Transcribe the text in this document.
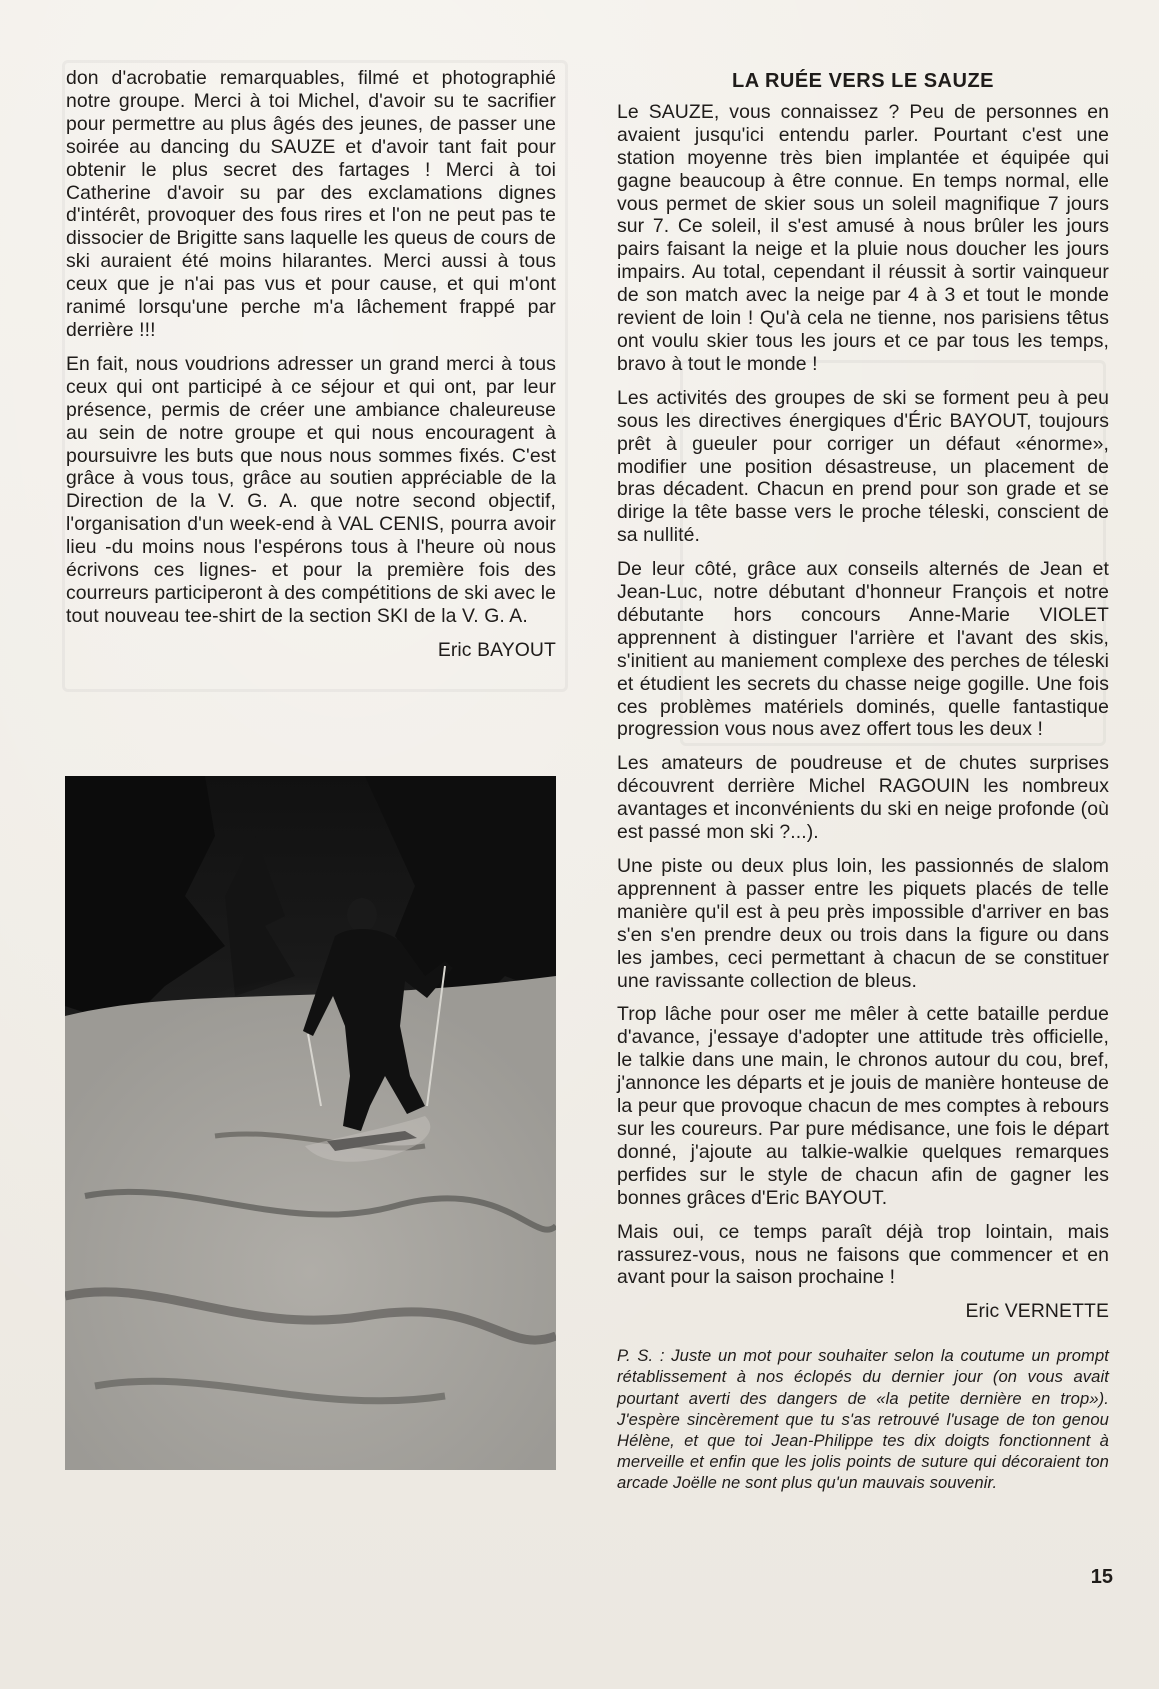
don d'acrobatie remarquables, filmé et photographié notre groupe. Merci à toi Michel, d'avoir su te sacrifier pour permettre au plus âgés des jeunes, de passer une soirée au dancing du SAUZE et d'avoir tant fait pour obtenir le plus secret des fartages ! Merci à toi Catherine d'avoir su par des exclamations dignes d'intérêt, provoquer des fous rires et l'on ne peut pas te dissocier de Brigitte sans laquelle les queus de cours de ski auraient été moins hilarantes. Merci aussi à tous ceux que je n'ai pas vus et pour cause, et qui m'ont ranimé lorsqu'une perche m'a lâchement frappé par derrière !!!

En fait, nous voudrions adresser un grand merci à tous ceux qui ont participé à ce séjour et qui ont, par leur présence, permis de créer une ambiance chaleureuse au sein de notre groupe et qui nous encouragent à poursuivre les buts que nous nous sommes fixés. C'est grâce à vous tous, grâce au soutien appréciable de la Direction de la V. G. A. que notre second objectif, l'organisation d'un week-end à VAL CENIS, pourra avoir lieu -du moins nous l'espérons tous à l'heure où nous écrivons ces lignes- et pour la première fois des courreurs participeront à des compétitions de ski avec le tout nouveau tee-shirt de la section SKI de la V. G. A.

Eric BAYOUT
LA RUÉE VERS LE SAUZE

Le SAUZE, vous connaissez ? Peu de personnes en avaient jusqu'ici entendu parler. Pourtant c'est une station moyenne très bien implantée et équipée qui gagne beaucoup à être connue. En temps normal, elle vous permet de skier sous un soleil magnifique 7 jours sur 7. Ce soleil, il s'est amusé à nous brûler les jours pairs faisant la neige et la pluie nous doucher les jours impairs. Au total, cependant il réussit à sortir vainqueur de son match avec la neige par 4 à 3 et tout le monde revient de loin ! Qu'à cela ne tienne, nos parisiens têtus ont voulu skier tous les jours et ce par tous les temps, bravo à tout le monde !

Les activités des groupes de ski se forment peu à peu sous les directives énergiques d'Éric BAYOUT, toujours prêt à gueuler pour corriger un défaut «énorme», modifier une position désastreuse, un placement de bras décadent. Chacun en prend pour son grade et se dirige la tête basse vers le proche téleski, conscient de sa nullité.

De leur côté, grâce aux conseils alternés de Jean et Jean-Luc, notre débutant d'honneur François et notre débutante hors concours Anne-Marie VIOLET apprennent à distinguer l'arrière et l'avant des skis, s'initient au maniement complexe des perches de téleski et étudient les secrets du chasse neige gogille. Une fois ces problèmes matériels dominés, quelle fantastique progression vous nous avez offert tous les deux !

Les amateurs de poudreuse et de chutes surprises découvrent derrière Michel RAGOUIN les nombreux avantages et inconvénients du ski en neige profonde (où est passé mon ski ?...).

Une piste ou deux plus loin, les passionnés de slalom apprennent à passer entre les piquets placés de telle manière qu'il est à peu près impossible d'arriver en bas s'en s'en prendre deux ou trois dans la figure ou dans les jambes, ceci permettant à chacun de se constituer une ravissante collection de bleus.

Trop lâche pour oser me mêler à cette bataille perdue d'avance, j'essaye d'adopter une attitude très officielle, le talkie dans une main, le chronos autour du cou, bref, j'annonce les départs et je jouis de manière honteuse de la peur que provoque chacun de mes comptes à rebours sur les coureurs. Par pure médisance, une fois le départ donné, j'ajoute au talkie-walkie quelques remarques perfides sur le style de chacun afin de gagner les bonnes grâces d'Eric BAYOUT.

Mais oui, ce temps paraît déjà trop lointain, mais rassurez-vous, nous ne faisons que commencer et en avant pour la saison prochaine !

Eric VERNETTE
P. S. : Juste un mot pour souhaiter selon la coutume un prompt rétablissement à nos éclopés du dernier jour (on vous avait pourtant averti des dangers de «la petite dernière en trop»). J'espère sincèrement que tu s'as retrouvé l'usage de ton genou Hélène, et que toi Jean-Philippe tes dix doigts fonctionnent à merveille et enfin que les jolis points de suture qui décoraient ton arcade Joëlle ne sont plus qu'un mauvais souvenir.
15
